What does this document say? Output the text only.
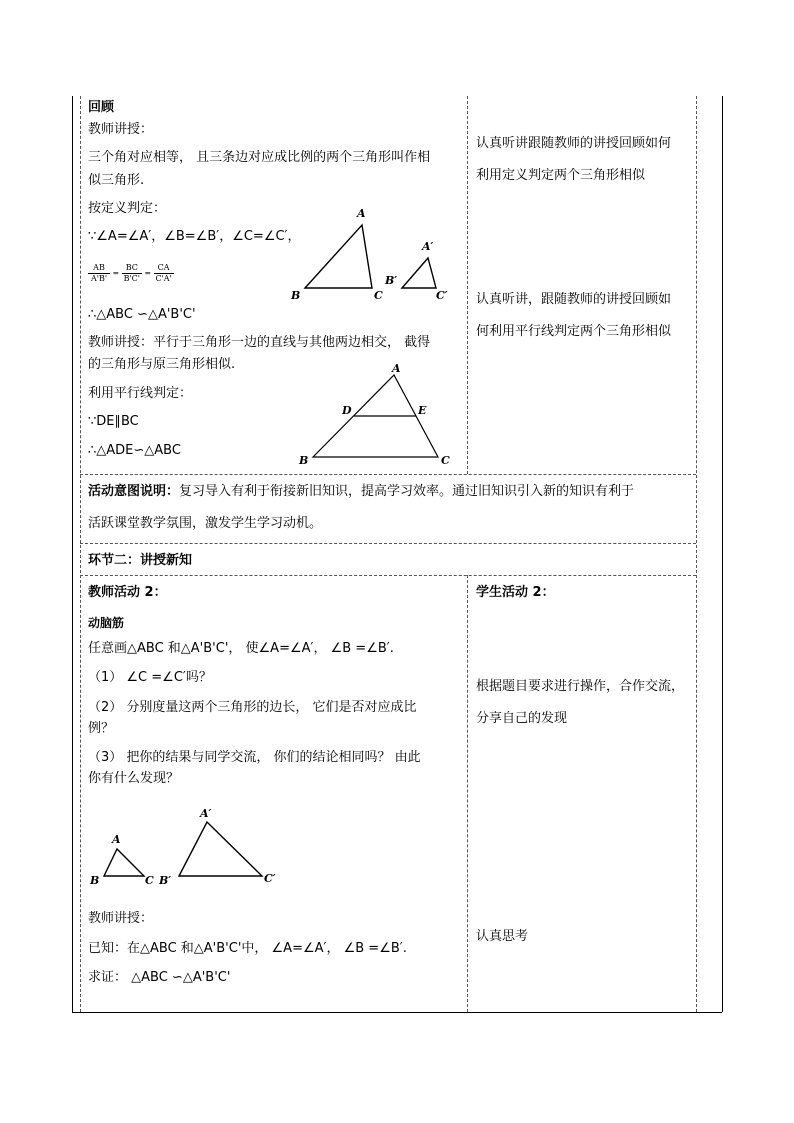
回顾
教师讲授：
三个角对应相等， 且三条边对应成比例的两个三角形叫作相
似三角形.
按定义判定：
∵∠A=∠A′，∠B=∠B′，∠C=∠C′，
$\frac{AB}{A'B'} = \frac{BC}{B'C'} = \frac{CA}{C'A'}$
∴△ABC ∽△A'B'C'
教师讲授：平行于三角形一边的直线与其他两边相交， 截得
的三角形与原三角形相似.
利用平行线判定：
∵DE∥BC
∴△ADE∽△ABC
A
B	C
A′
B′
C′
A
D	E
B	C
认真听讲跟随教师的讲授回顾如何
利用定义判定两个三角形相似
认真听讲，跟随教师的讲授回顾如
何利用平行线判定两个三角形相似
活动意图说明：复习导入有利于衔接新旧知识，提高学习效率。通过旧知识引入新的知识有利于
活跃课堂教学氛围，激发学生学习动机。
环节二：讲授新知
教师活动 2：
动脑筋
任意画△ABC 和△A'B'C'， 使∠A=∠A′， ∠B =∠B′.
（1） ∠C =∠C′吗？
（2） 分别度量这两个三角形的边长， 它们是否对应成比
例？
（3） 把你的结果与同学交流， 你们的结论相同吗？ 由此
你有什么发现？
A
B	C
A′
B′	C′
教师讲授：
已知：在△ABC 和△A'B'C'中， ∠A=∠A′， ∠B =∠B′.
求证： △ABC ∽△A'B'C'
学生活动 2：
根据题目要求进行操作，合作交流，
分享自己的发现
认真思考
